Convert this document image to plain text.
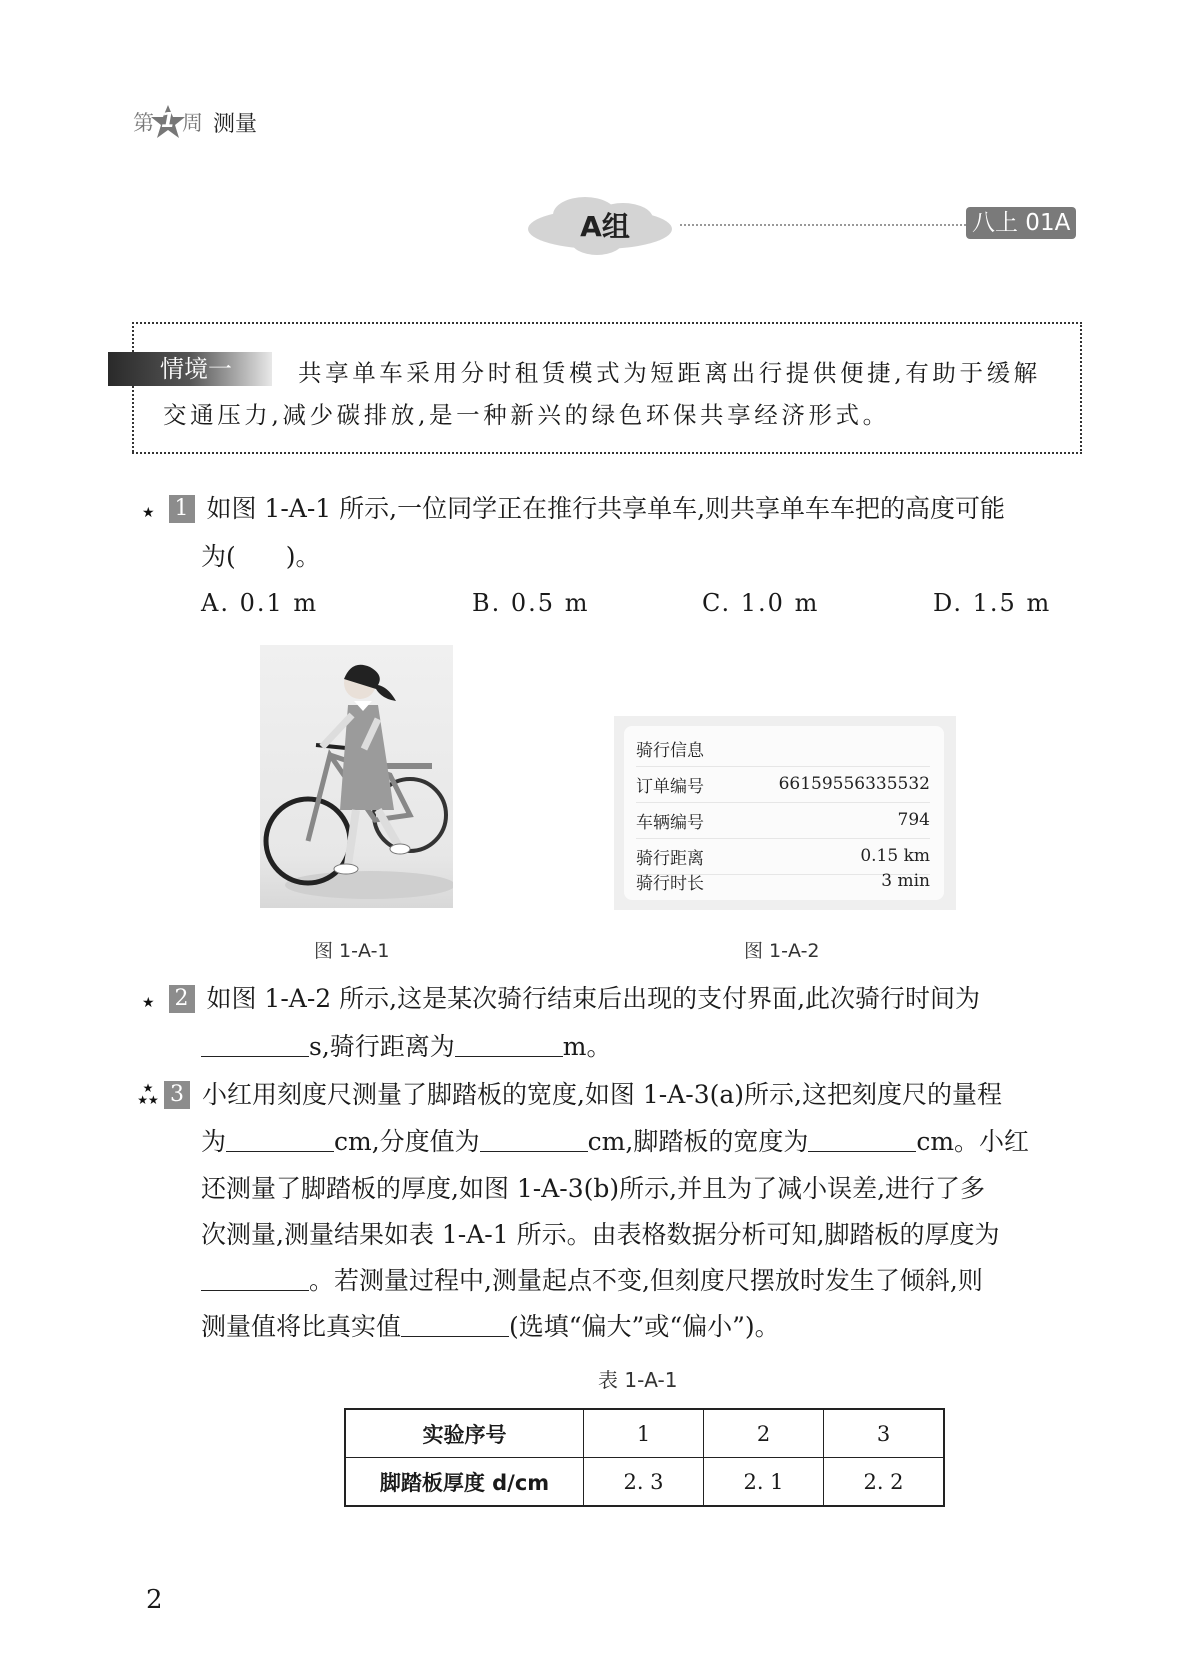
第 1 周 测量
A组	八上 01A
情境一	共享单车采用分时租赁模式为短距离出行提供便捷,有助于缓解
交通压力,减少碳排放,是一种新兴的绿色环保共享经济形式。
★ 1 如图 1-A-1 所示,一位同学正在推行共享单车,则共享单车车把的高度可能
为(　　)。
A. 0.1 m	B. 0.5 m	C. 1.0 m	D. 1.5 m
骑行信息
订单编号	66159556335532
车辆编号	794
骑行距离	0.15 km
骑行时长	3 min
图 1-A-1	图 1-A-2
★ 2 如图 1-A-2 所示,这是某次骑行结束后出现的支付界面,此次骑行时间为
s,骑行距离为	m。
★
★★ 3 小红用刻度尺测量了脚踏板的宽度,如图 1-A-3(a)所示,这把刻度尺的量程
为	cm,分度值为	cm,脚踏板的宽度为	cm。小红
还测量了脚踏板的厚度,如图 1-A-3(b)所示,并且为了减小误差,进行了多
次测量,测量结果如表 1-A-1 所示。由表格数据分析可知,脚踏板的厚度为
。若测量过程中,测量起点不变,但刻度尺摆放时发生了倾斜,则
测量值将比真实值	(选填“偏大”或“偏小”)。
表 1-A-1
实验序号	1	2	3
脚踏板厚度 d/cm	2. 3	2. 1	2. 2
2
